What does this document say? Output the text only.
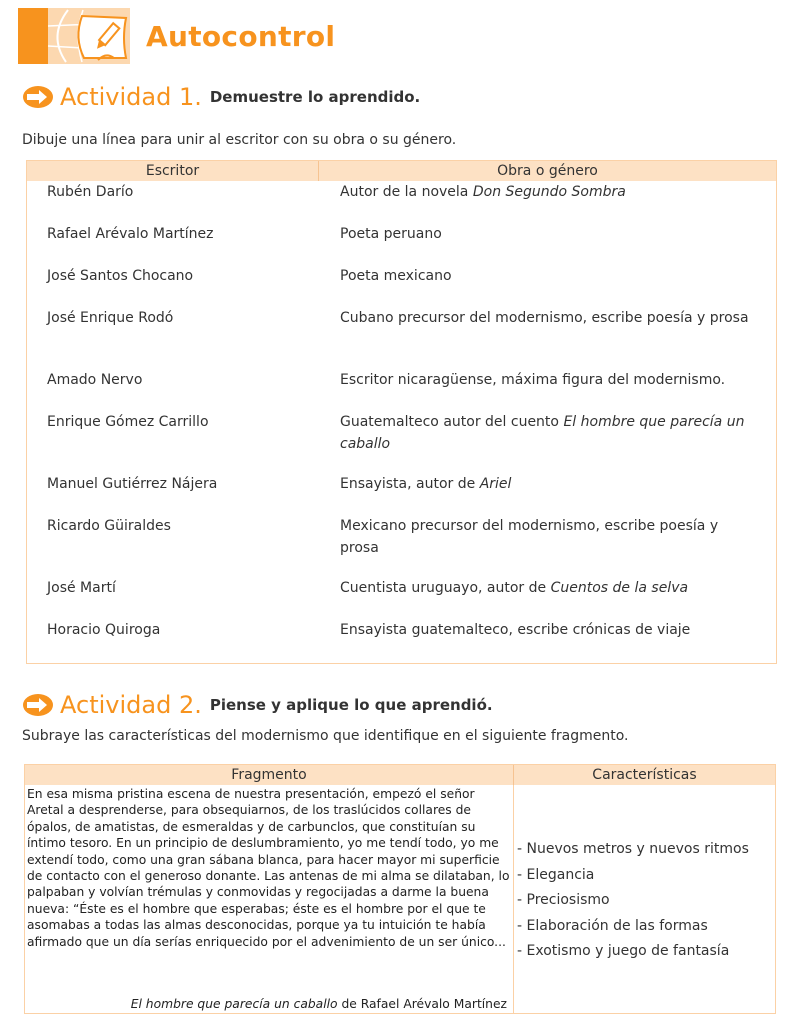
Autocontrol
Actividad 1. Demuestre lo aprendido.
Dibuje una línea para unir al escritor con su obra o su género.
Escritor	Obra o género
Rubén Darío	Autor de la novela Don Segundo Sombra
Rafael Arévalo Martínez	Poeta peruano
José Santos Chocano	Poeta mexicano
José Enrique Rodó	Cubano precursor del modernismo, escribe poesía y prosa
Amado Nervo	Escritor nicaragüense, máxima figura del modernismo.
Enrique Gómez Carrillo	Guatemalteco autor del cuento El hombre que parecía un caballo
Manuel Gutiérrez Nájera	Ensayista, autor de Ariel
Ricardo Güiraldes	Mexicano precursor del modernismo, escribe poesía y prosa
José Martí	Cuentista uruguayo, autor de Cuentos de la selva
Horacio Quiroga	Ensayista guatemalteco, escribe crónicas de viaje
Actividad 2. Piense y aplique lo que aprendió.
Subraye las características del modernismo que identifique en el siguiente fragmento.
Fragmento	Características
En esa misma pristina escena de nuestra presentación, empezó el señor Aretal a desprenderse, para obsequiarnos, de los traslúcidos collares de ópalos, de amatistas, de esmeraldas y de carbunclos, que constituían su íntimo tesoro. En un principio de deslumbramiento, yo me tendí todo, yo me extendí todo, como una gran sábana blanca, para hacer mayor mi superficie de contacto con el generoso donante. Las antenas de mi alma se dilataban, lo palpaban y volvían trémulas y conmovidas y regocijadas a darme la buena nueva: “Éste es el hombre que esperabas; éste es el hombre por el que te asomabas a todas las almas desconocidas, porque ya tu intuición te había afirmado que un día serías enriquecido por el advenimiento de un ser único...
El hombre que parecía un caballo de Rafael Arévalo Martínez
- Nuevos metros y nuevos ritmos
- Elegancia
- Preciosismo
- Elaboración de las formas
- Exotismo y juego de fantasía
